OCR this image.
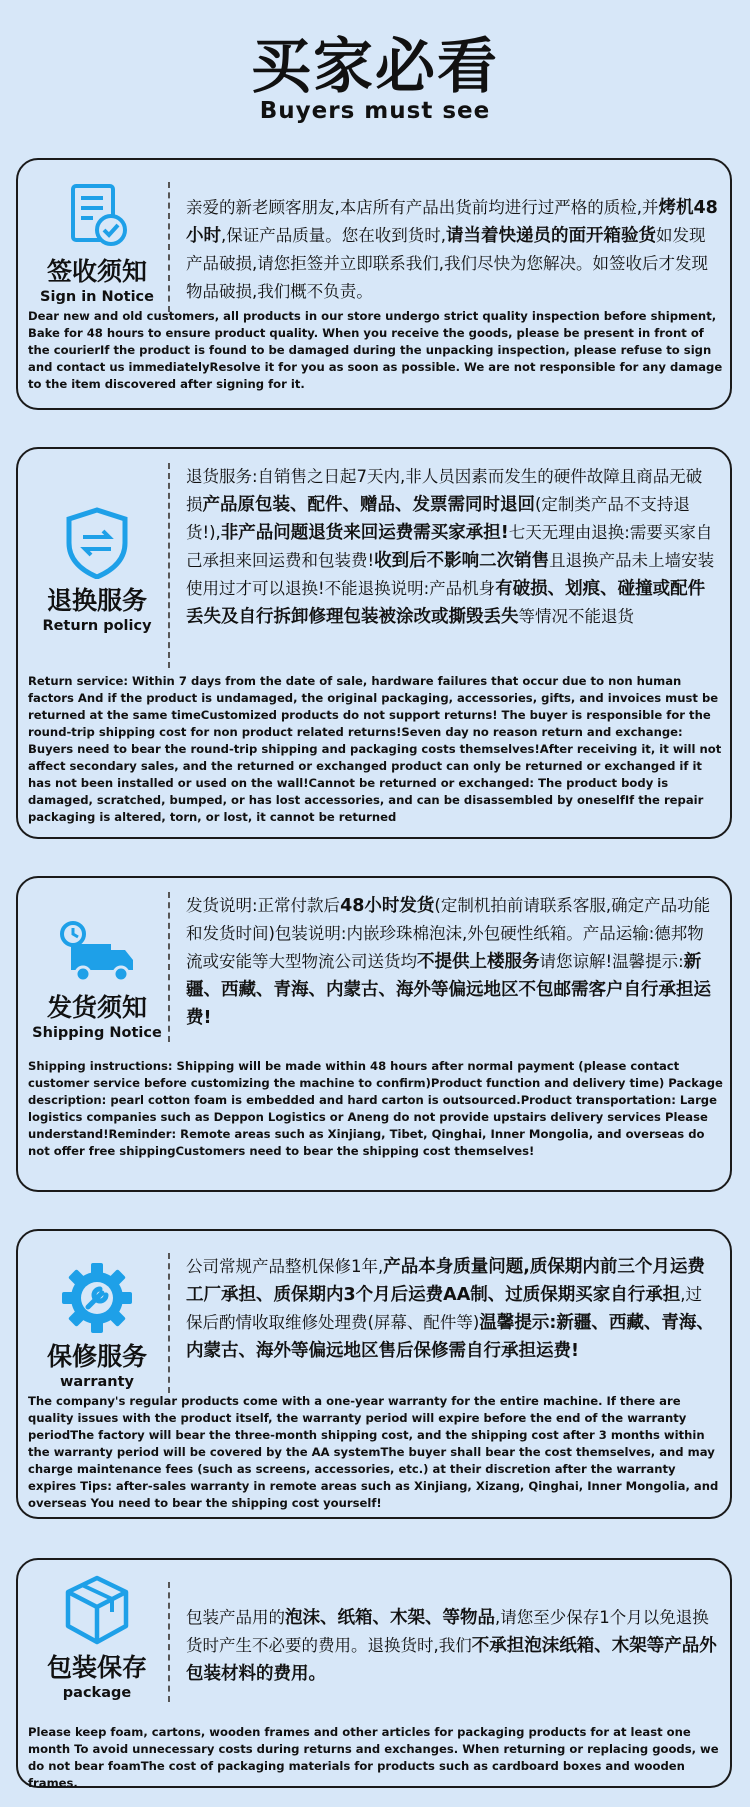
买家必看
Buyers must see
签收须知
Sign in Notice
亲爱的新老顾客朋友,本店所有产品出货前均进行过严格的质检,并烤机48小时,保证产品质量。您在收到货时,请当着快递员的面开箱验货如发现产品破损,请您拒签并立即联系我们,我们尽快为您解决。如签收后才发现物品破损,我们概不负责。
Dear new and old customers, all products in our store undergo strict quality inspection before shipment, Bake for 48 hours to ensure product quality. When you receive the goods, please be present in front of the courierIf the product is found to be damaged during the unpacking inspection, please refuse to sign and contact us immediatelyResolve it for you as soon as possible. We are not responsible for any damage to the item discovered after signing for it.
退换服务
Return policy
退货服务:自销售之日起7天内,非人员因素而发生的硬件故障且商品无破损产品原包装、配件、赠品、发票需同时退回(定制类产品不支持退货!),非产品问题退货来回运费需买家承担!七天无理由退换:需要买家自己承担来回运费和包装费!收到后不影响二次销售且退换产品未上墙安装使用过才可以退换!不能退换说明:产品机身有破损、划痕、碰撞或配件丢失及自行拆卸修理包装被涂改或撕毁丢失等情况不能退货
Return service: Within 7 days from the date of sale, hardware failures that occur due to non human factors And if the product is undamaged, the original packaging, accessories, gifts, and invoices must be returned at the same timeCustomized products do not support returns! The buyer is responsible for the round-trip shipping cost for non product related returns!Seven day no reason return and exchange: Buyers need to bear the round-trip shipping and packaging costs themselves!After receiving it, it will not affect secondary sales, and the returned or exchanged product can only be returned or exchanged if it has not been installed or used on the wall!Cannot be returned or exchanged: The product body is damaged, scratched, bumped, or has lost accessories, and can be disassembled by oneselfIf the repair packaging is altered, torn, or lost, it cannot be returned
发货须知
Shipping Notice
发货说明:正常付款后48小时发货(定制机拍前请联系客服,确定产品功能和发货时间)包装说明:内嵌珍珠棉泡沫,外包硬性纸箱。产品运输:德邦物流或安能等大型物流公司送货均不提供上楼服务请您谅解!温馨提示:新疆、西藏、青海、内蒙古、海外等偏远地区不包邮需客户自行承担运费!
Shipping instructions: Shipping will be made within 48 hours after normal payment (please contact customer service before customizing the machine to confirm)Product function and delivery time) Package description: pearl cotton foam is embedded and hard carton is outsourced.Product transportation: Large logistics companies such as Deppon Logistics or Aneng do not provide upstairs delivery services Please understand!Reminder: Remote areas such as Xinjiang, Tibet, Qinghai, Inner Mongolia, and overseas do not offer free shippingCustomers need to bear the shipping cost themselves!
保修服务
warranty
公司常规产品整机保修1年,产品本身质量问题,质保期内前三个月运费工厂承担、质保期内3个月后运费AA制、过质保期买家自行承担,过保后酌情收取维修处理费(屏幕、配件等)温馨提示:新疆、西藏、青海、内蒙古、海外等偏远地区售后保修需自行承担运费!
The company's regular products come with a one-year warranty for the entire machine. If there are quality issues with the product itself, the warranty period will expire before the end of the warranty periodThe factory will bear the three-month shipping cost, and the shipping cost after 3 months within the warranty period will be covered by the AA systemThe buyer shall bear the cost themselves, and may charge maintenance fees (such as screens, accessories, etc.) at their discretion after the warranty expires Tips: after-sales warranty in remote areas such as Xinjiang, Xizang, Qinghai, Inner Mongolia, and overseas You need to bear the shipping cost yourself!
包装保存
package
包装产品用的泡沫、纸箱、木架、等物品,请您至少保存1个月以免退换货时产生不必要的费用。退换货时,我们不承担泡沫纸箱、木架等产品外包装材料的费用。
Please keep foam, cartons, wooden frames and other articles for packaging products for at least one month To avoid unnecessary costs during returns and exchanges. When returning or replacing goods, we do not bear foamThe cost of packaging materials for products such as cardboard boxes and wooden frames.
